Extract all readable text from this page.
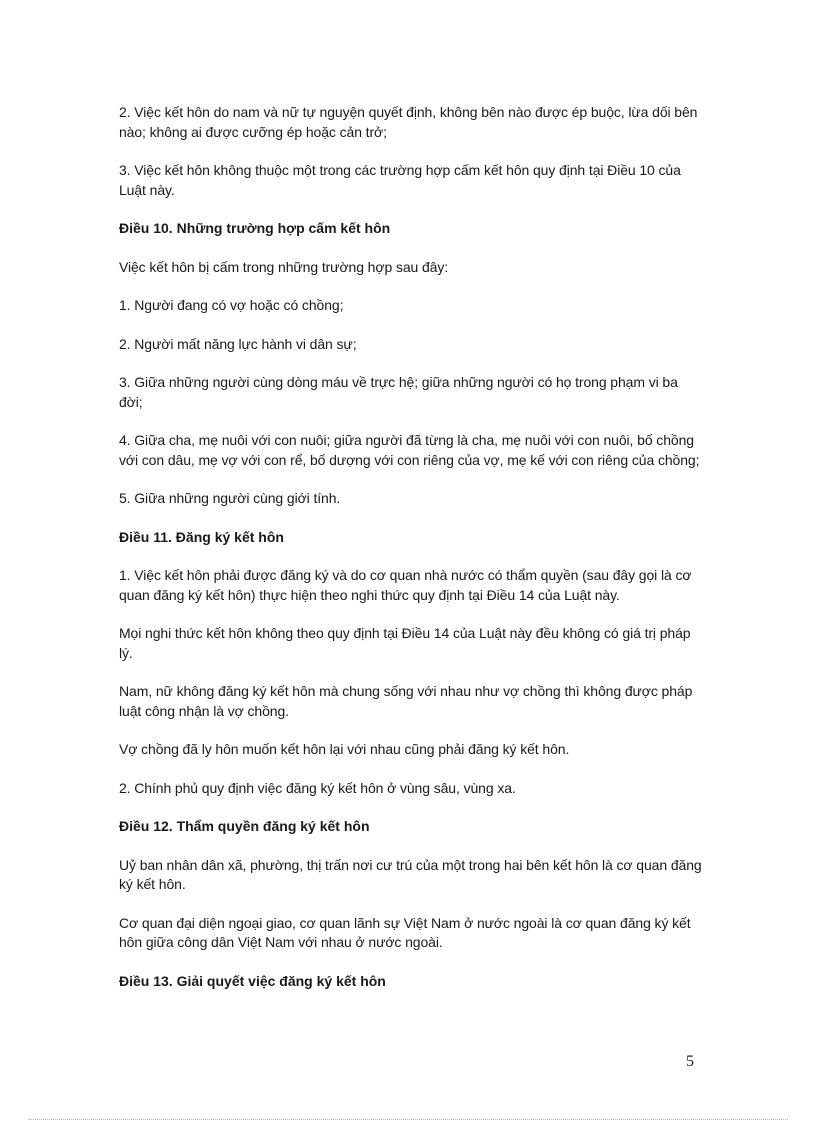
2. Việc kết hôn do nam và nữ tự nguyện quyết định, không bên nào được ép buộc, lừa dối bên nào; không ai được cưỡng ép hoặc cản trở;

3. Việc kết hôn không thuộc một trong các trường hợp cấm kết hôn quy định tại Điều 10 của Luật này.

Điều 10. Những trường hợp cấm kết hôn

Việc kết hôn bị cấm trong những trường hợp sau đây:

1. Người đang có vợ hoặc có chồng;

2. Người mất năng lực hành vi dân sự;

3. Giữa những người cùng dòng máu về trực hệ; giữa những người có họ trong phạm vi ba đời;

4. Giữa cha, mẹ nuôi với con nuôi; giữa người đã từng là cha, mẹ nuôi với con nuôi, bố chồng với con dâu, mẹ vợ với con rể, bố dượng với con riêng của vợ, mẹ kế với con riêng của chồng;

5. Giữa những người cùng giới tính.

Điều 11. Đăng ký kết hôn

1. Việc kết hôn phải được đăng ký và do cơ quan nhà nước có thẩm quyền (sau đây gọi là cơ quan đăng ký kết hôn) thực hiện theo nghi thức quy định tại Điều 14 của Luật này.

Mọi nghi thức kết hôn không theo quy định tại Điều 14 của Luật này đều không có giá trị pháp lý.

Nam, nữ không đăng ký kết hôn mà chung sống với nhau như vợ chồng thì không được pháp luật công nhận là vợ chồng.

Vợ chồng đã ly hôn muốn kết hôn lại với nhau cũng phải đăng ký kết hôn.

2. Chính phủ quy định việc đăng ký kết hôn ở vùng sâu, vùng xa.

Điều 12. Thẩm quyền đăng ký kết hôn

Uỷ ban nhân dân xã, phường, thị trấn nơi cư trú của một trong hai bên kết hôn là cơ quan đăng ký kết hôn.

Cơ quan đại diện ngoại giao, cơ quan lãnh sự Việt Nam ở nước ngoài là cơ quan đăng ký kết hôn giữa công dân Việt Nam với nhau ở nước ngoài.

Điều 13. Giải quyết việc đăng ký kết hôn

5
